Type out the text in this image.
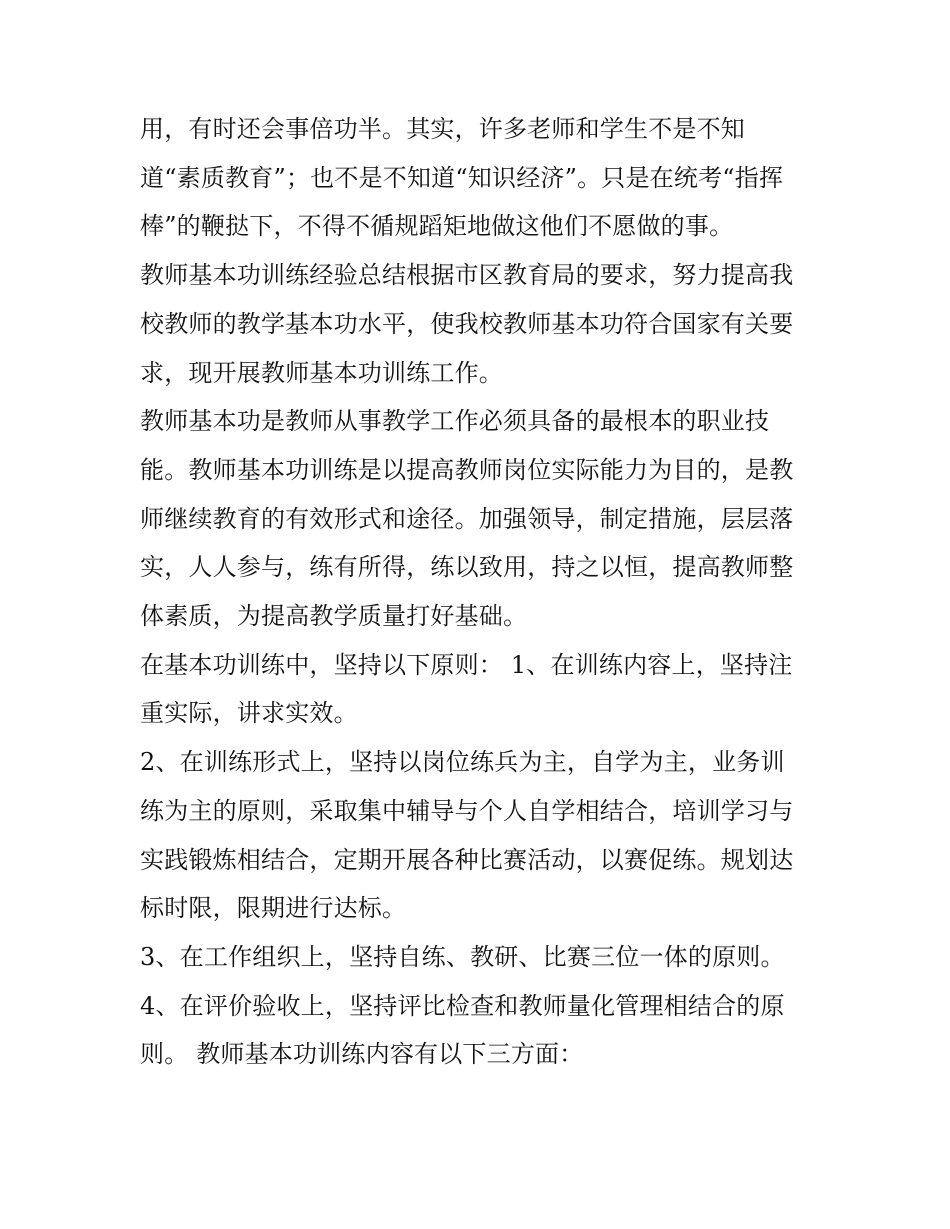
用，有时还会事倍功半。其实，许多老师和学生不是不知
道“素质教育”；也不是不知道“知识经济”。只是在统考“指挥
棒”的鞭挞下，不得不循规蹈矩地做这他们不愿做的事。

教师基本功训练经验总结根据市区教育局的要求，努力提高我
校教师的教学基本功水平，使我校教师基本功符合国家有关要
求，现开展教师基本功训练工作。

教师基本功是教师从事教学工作必须具备的最根本的职业技
能。教师基本功训练是以提高教师岗位实际能力为目的，是教
师继续教育的有效形式和途径。加强领导，制定措施，层层落
实，人人参与，练有所得，练以致用，持之以恒，提高教师整
体素质，为提高教学质量打好基础。

在基本功训练中，坚持以下原则： 1、在训练内容上，坚持注
重实际，讲求实效。

2、在训练形式上，坚持以岗位练兵为主，自学为主，业务训
练为主的原则，采取集中辅导与个人自学相结合，培训学习与
实践锻炼相结合，定期开展各种比赛活动，以赛促练。规划达
标时限，限期进行达标。

3、在工作组织上，坚持自练、教研、比赛三位一体的原则。

4、在评价验收上，坚持评比检查和教师量化管理相结合的原
则。 教师基本功训练内容有以下三方面：
